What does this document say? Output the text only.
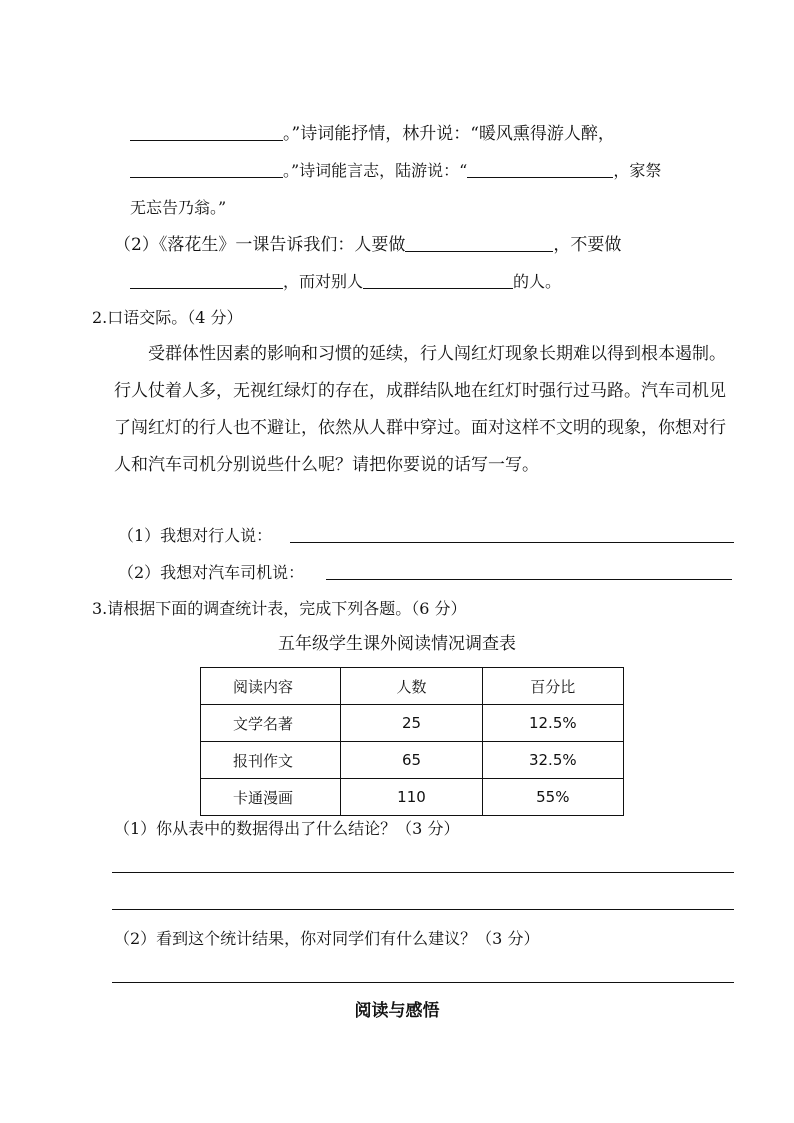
。”诗词能抒情，林升说：“暖风熏得游人醉，
。”诗词能言志，陆游说：“	，家祭
无忘告乃翁。”
（2）《落花生》一课告诉我们：人要做	，不要做
，而对别人	的人。
2.口语交际。（4 分）
受群体性因素的影响和习惯的延续，行人闯红灯现象长期难以得到根本遏制。行人仗着人多，无视红绿灯的存在，成群结队地在红灯时强行过马路。汽车司机见了闯红灯的行人也不避让，依然从人群中穿过。面对这样不文明的现象，你想对行人和汽车司机分别说些什么呢？请把你要说的话写一写。
（1）我想对行人说：
（2）我想对汽车司机说：
3.请根据下面的调查统计表，完成下列各题。（6 分）
五年级学生课外阅读情况调查表
阅读内容	人数	百分比
文学名著	25	12.5%
报刊作文	65	32.5%
卡通漫画	110	55%
（1）你从表中的数据得出了什么结论？（3 分）
（2）看到这个统计结果，你对同学们有什么建议？（3 分）
阅读与感悟
